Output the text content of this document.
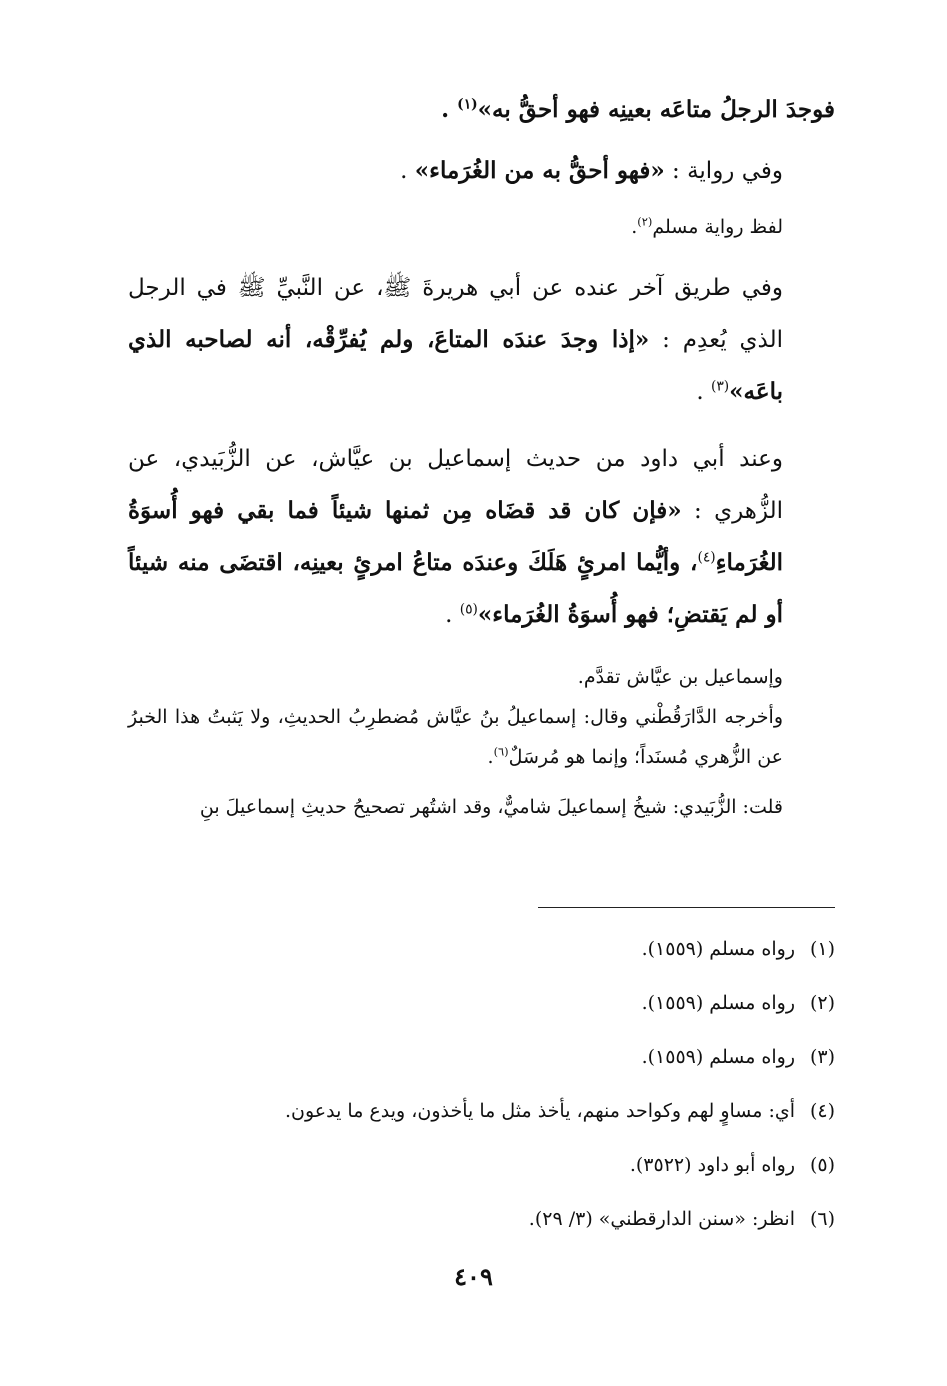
فوجدَ الرجلُ متاعَه بعينِه فهو أحقُّ به»$^{(١)}$ .

وفي رواية : «فهو أحقُّ به من الغُرَماء» .

لفظ رواية مسلم$^{(٢)}$.

وفي طريق آخر عنده عن أبي هريرةَ ﷺ، عن النَّبيِّ ﷺ في الرجل الذي يُعدِم : «إذا وجدَ عندَه المتاعَ، ولم يُفرِّقْه، أنه لصاحبه الذي باعَه»$^{(٣)}$ .

وعند أبي داود من حديث إسماعيل بن عيَّاش، عن الزُّبَيدي، عن الزُّهري : «فإن كان قد قضَاه مِن ثمنها شيئاً فما بقي فهو أُسوَةُ الغُرَماءِ$^{(٤)}$، وأيُّما امرئٍ هَلَكَ وعندَه متاعُ امرئٍ بعينِه، اقتضَى منه شيئاً أو لم يَقتضِ؛ فهو أُسوَةُ الغُرَماء»$^{(٥)}$ .

وإسماعيل بن عيَّاش تقدَّم.

وأخرجه الدَّارَقُطْني وقال: إسماعيلُ بنُ عيَّاش مُضطرِبُ الحديثِ، ولا يَثبتُ هذا الخبرُ عن الزُّهري مُسنَداً؛ وإنما هو مُرسَلٌ$^{(٦)}$.

قلت: الزُّبَيدي: شيخُ إسماعيلَ شاميٌّ، وقد اشتُهر تصحيحُ حديثِ إسماعيلَ بنِ

(١)رواه مسلم (١٥٥٩).
(٢)رواه مسلم (١٥٥٩).
(٣)رواه مسلم (١٥٥٩).
(٤)أي: مساوٍ لهم وكواحد منهم، يأخذ مثل ما يأخذون، ويدع ما يدعون.
(٥)رواه أبو داود (٣٥٢٢).
(٦)انظر: «سنن الدارقطني» (٣/ ٢٩).
٤٠٩
